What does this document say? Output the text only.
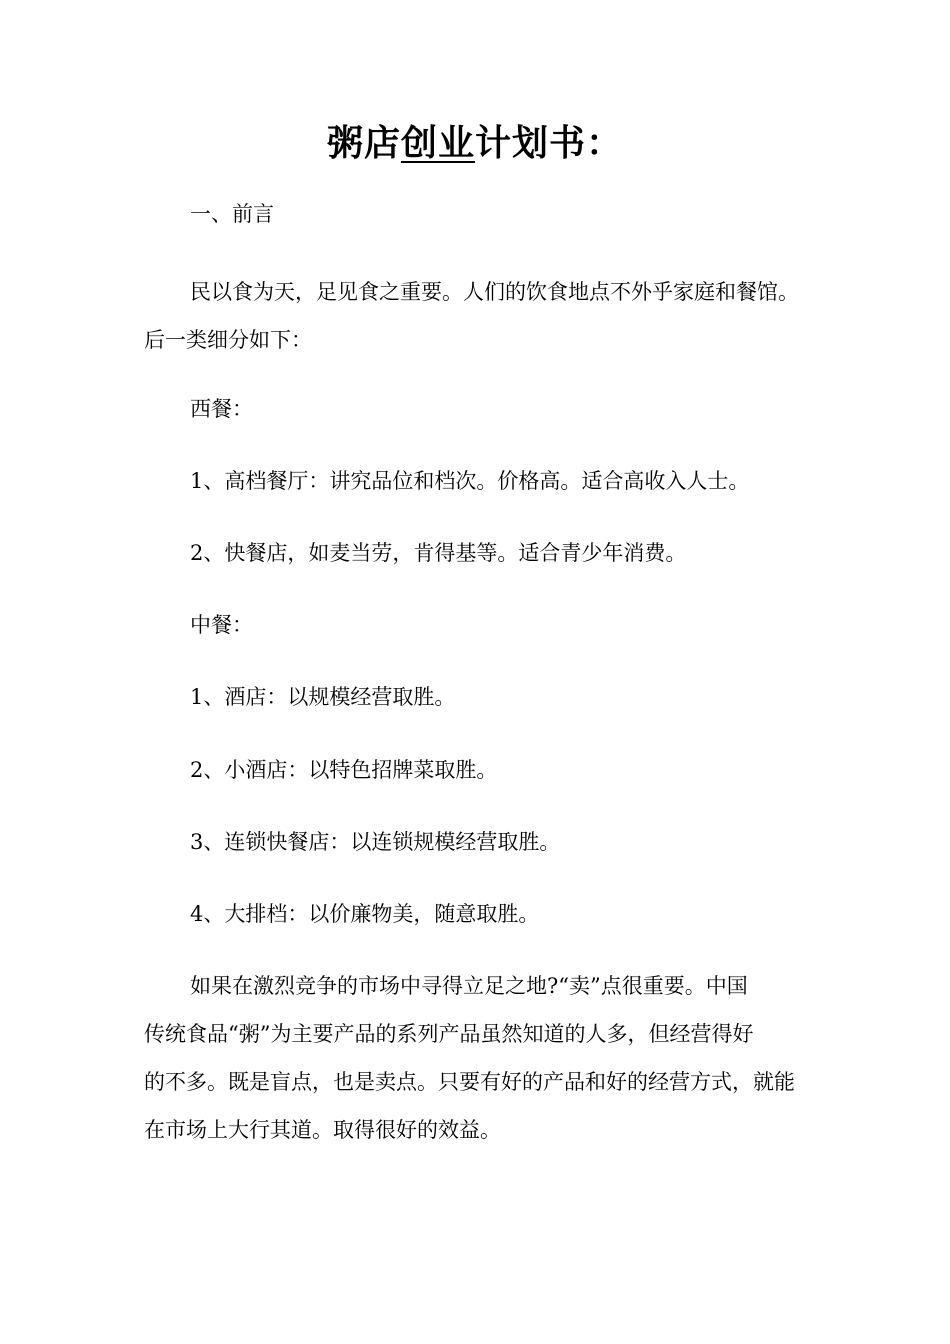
粥店创业计划书：
一、前言
民以食为天，足见食之重要。人们的饮食地点不外乎家庭和餐馆。
后一类细分如下：
西餐：
1、高档餐厅：讲究品位和档次。价格高。适合高收入人士。
2、快餐店，如麦当劳，肯得基等。适合青少年消费。
中餐：
1、酒店：以规模经营取胜。
2、小酒店：以特色招牌菜取胜。
3、连锁快餐店：以连锁规模经营取胜。
4、大排档：以价廉物美，随意取胜。
如果在激烈竞争的市场中寻得立足之地?“卖”点很重要。中国
传统食品“粥”为主要产品的系列产品虽然知道的人多，但经营得好
的不多。既是盲点，也是卖点。只要有好的产品和好的经营方式，就能
在市场上大行其道。取得很好的效益。
